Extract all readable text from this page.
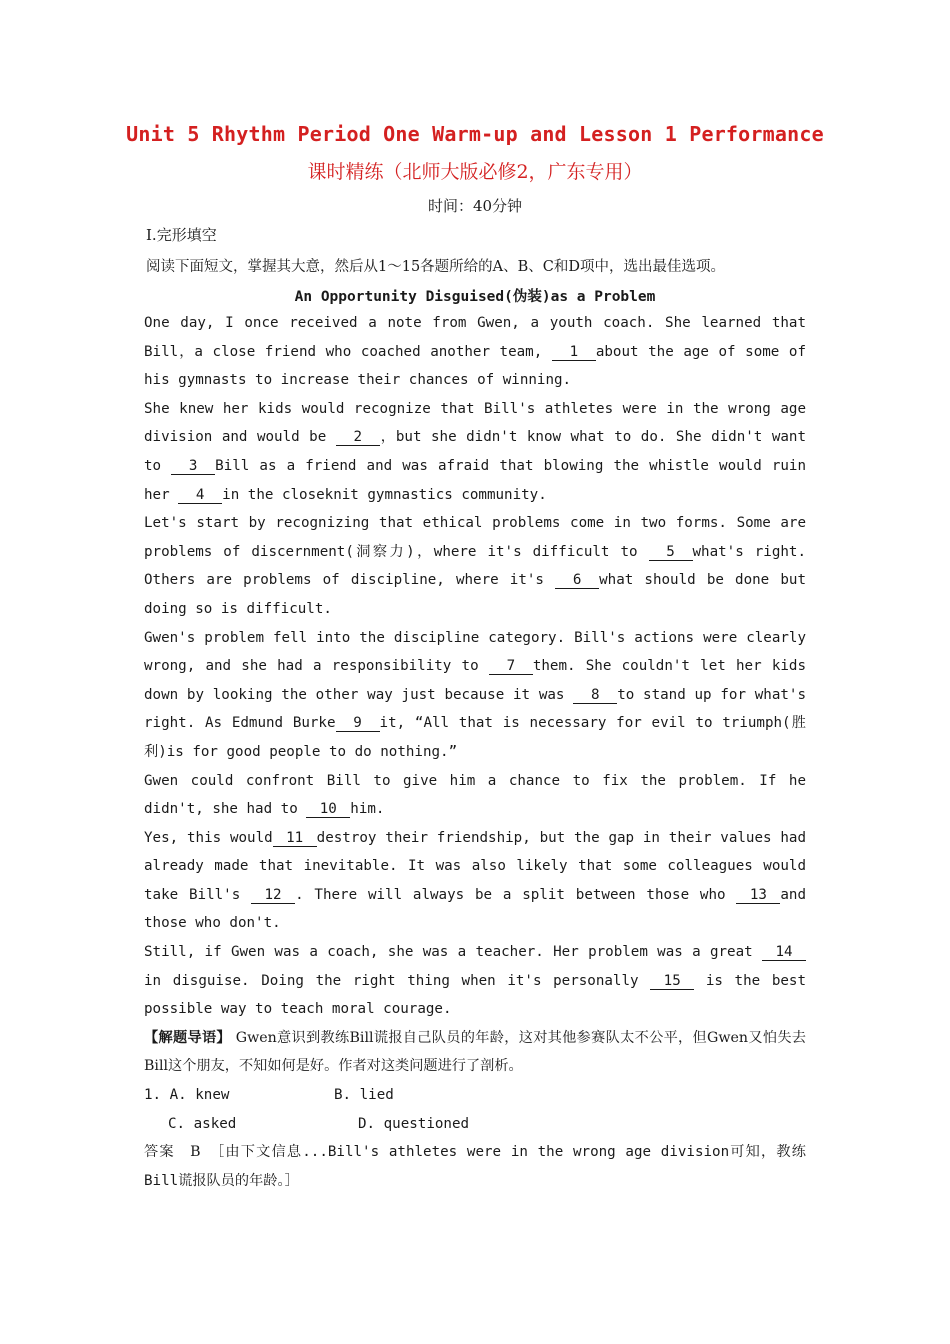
Unit 5 Rhythm Period One Warm-up and Lesson 1 Performance
课时精练（北师大版必修2，广东专用）
时间：40分钟
Ⅰ.完形填空
阅读下面短文，掌握其大意，然后从1～15各题所给的A、B、C和D项中，选出最佳选项。
An Opportunity Disguised(伪装)as a Problem

One day, I once received a note from Gwen, a youth coach. She learned that Bill，a close friend who coached another team, 1 about the age of some of his gymnasts to increase their chances of winning.

She knew her kids would recognize that Bill's athletes were in the wrong age division and would be 2 ，but she didn't know what to do. She didn't want to 3 Bill as a friend and was afraid that blowing the whistle would ruin her 4 in the closeknit gymnastics community.

Let's start by recognizing that ethical problems come in two forms. Some are problems of discernment(洞察力)，where it's difficult to 5 what's right. Others are problems of discipline, where it's 6 what should be done but doing so is difficult.

Gwen's problem fell into the discipline category. Bill's actions were clearly wrong, and she had a responsibility to 7 them. She couldn't let her kids down by looking the other way just because it was 8 to stand up for what's right. As Edmund Burke 9 it, “All that is necessary for evil to triumph(胜利)is for good people to do nothing.”

Gwen could confront Bill to give him a chance to fix the problem. If he didn't, she had to 10 him.

Yes, this would 11 destroy their friendship, but the gap in their values had already made that inevitable. It was also likely that some colleagues would take Bill's 12 . There will always be a split between those who 13 and those who don't.

Still, if Gwen was a coach, she was a teacher. Her problem was a great 14in disguise. Doing the right thing when it's personally 15 is the best possible way to teach moral courage.

【解题导语】 Gwen意识到教练Bill谎报自己队员的年龄，这对其他参赛队太不公平，但Gwen又怕失去Bill这个朋友，不知如何是好。作者对这类问题进行了剖析。

1. A. knew	B. lied

C. asked	D. questioned

答案　B　 ［由下文信息...Bill's athletes were in the wrong age division可知，教练Bill谎报队员的年龄。］
